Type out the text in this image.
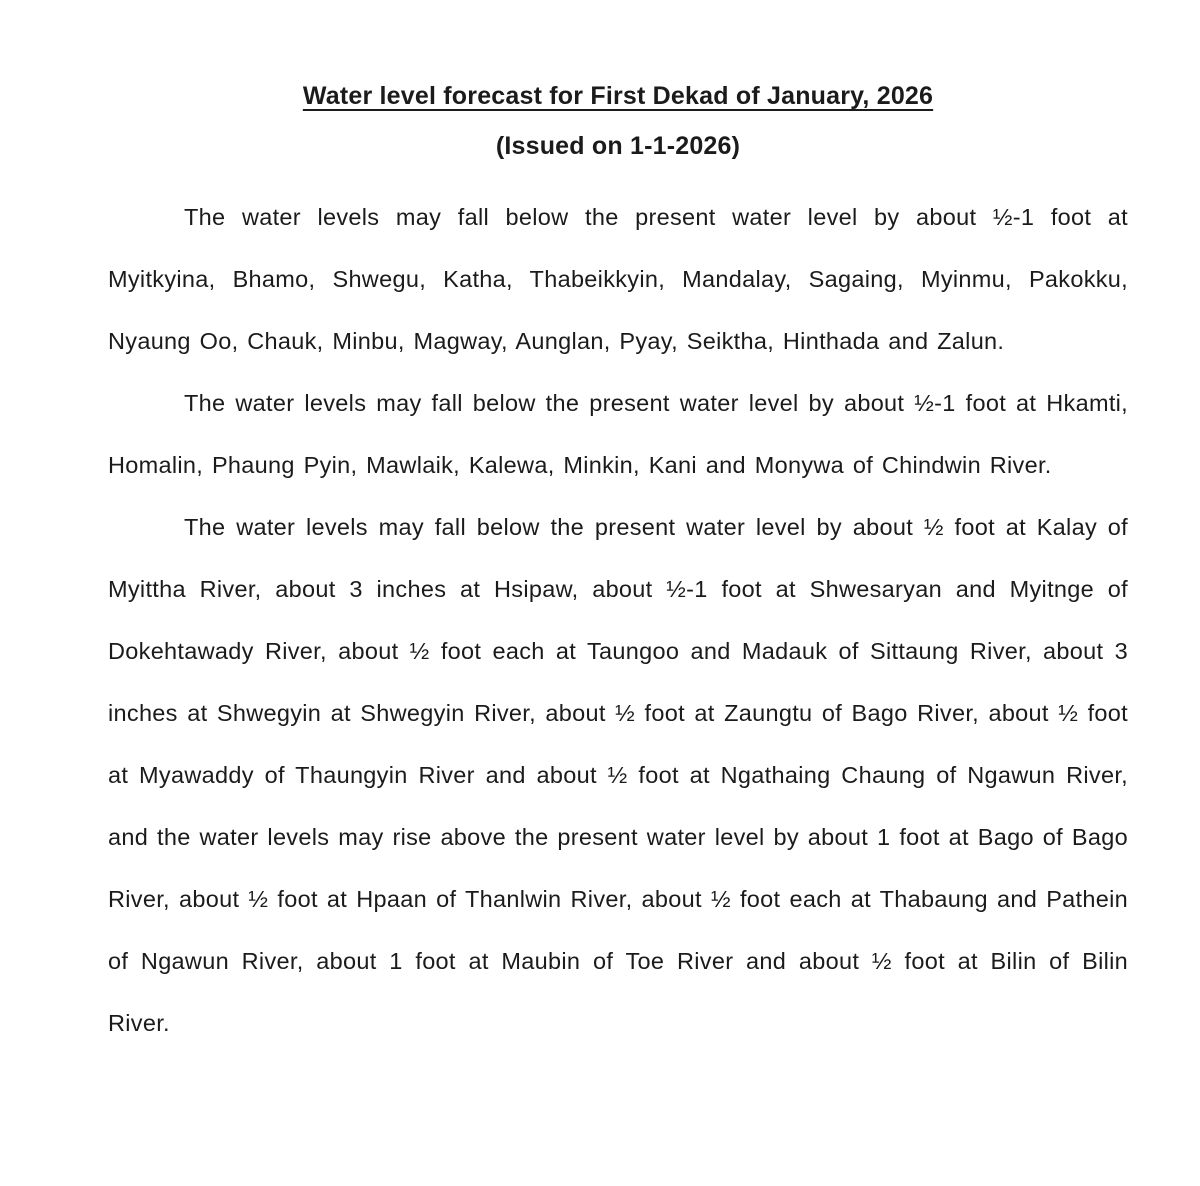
Water level forecast for First Dekad of January, 2026
(Issued on 1-1-2026)

The water levels may fall below the present water level by about ½-1 foot at Myitkyina, Bhamo, Shwegu, Katha, Thabeikkyin, Mandalay, Sagaing, Myinmu, Pakokku, Nyaung Oo, Chauk, Minbu, Magway, Aunglan, Pyay, Seiktha, Hinthada and Zalun.

The water levels may fall below the present water level by about ½-1 foot at Hkamti, Homalin, Phaung Pyin, Mawlaik, Kalewa, Minkin, Kani and Monywa of Chindwin River.

The water levels may fall below the present water level by about ½ foot at Kalay of Myittha River, about 3 inches at Hsipaw, about ½-1 foot at Shwesaryan and Myitnge of Dokehtawady River, about ½ foot each at Taungoo and Madauk of Sittaung River, about 3 inches at Shwegyin at Shwegyin River, about ½ foot at Zaungtu of Bago River, about ½ foot at Myawaddy of Thaungyin River and about ½ foot at Ngathaing Chaung of Ngawun River, and the water levels may rise above the present water level by about 1 foot at Bago of Bago River, about ½ foot at Hpaan of Thanlwin River, about ½ foot each at Thabaung and Pathein of Ngawun River, about 1 foot at Maubin of Toe River and about ½ foot at Bilin of Bilin River.
